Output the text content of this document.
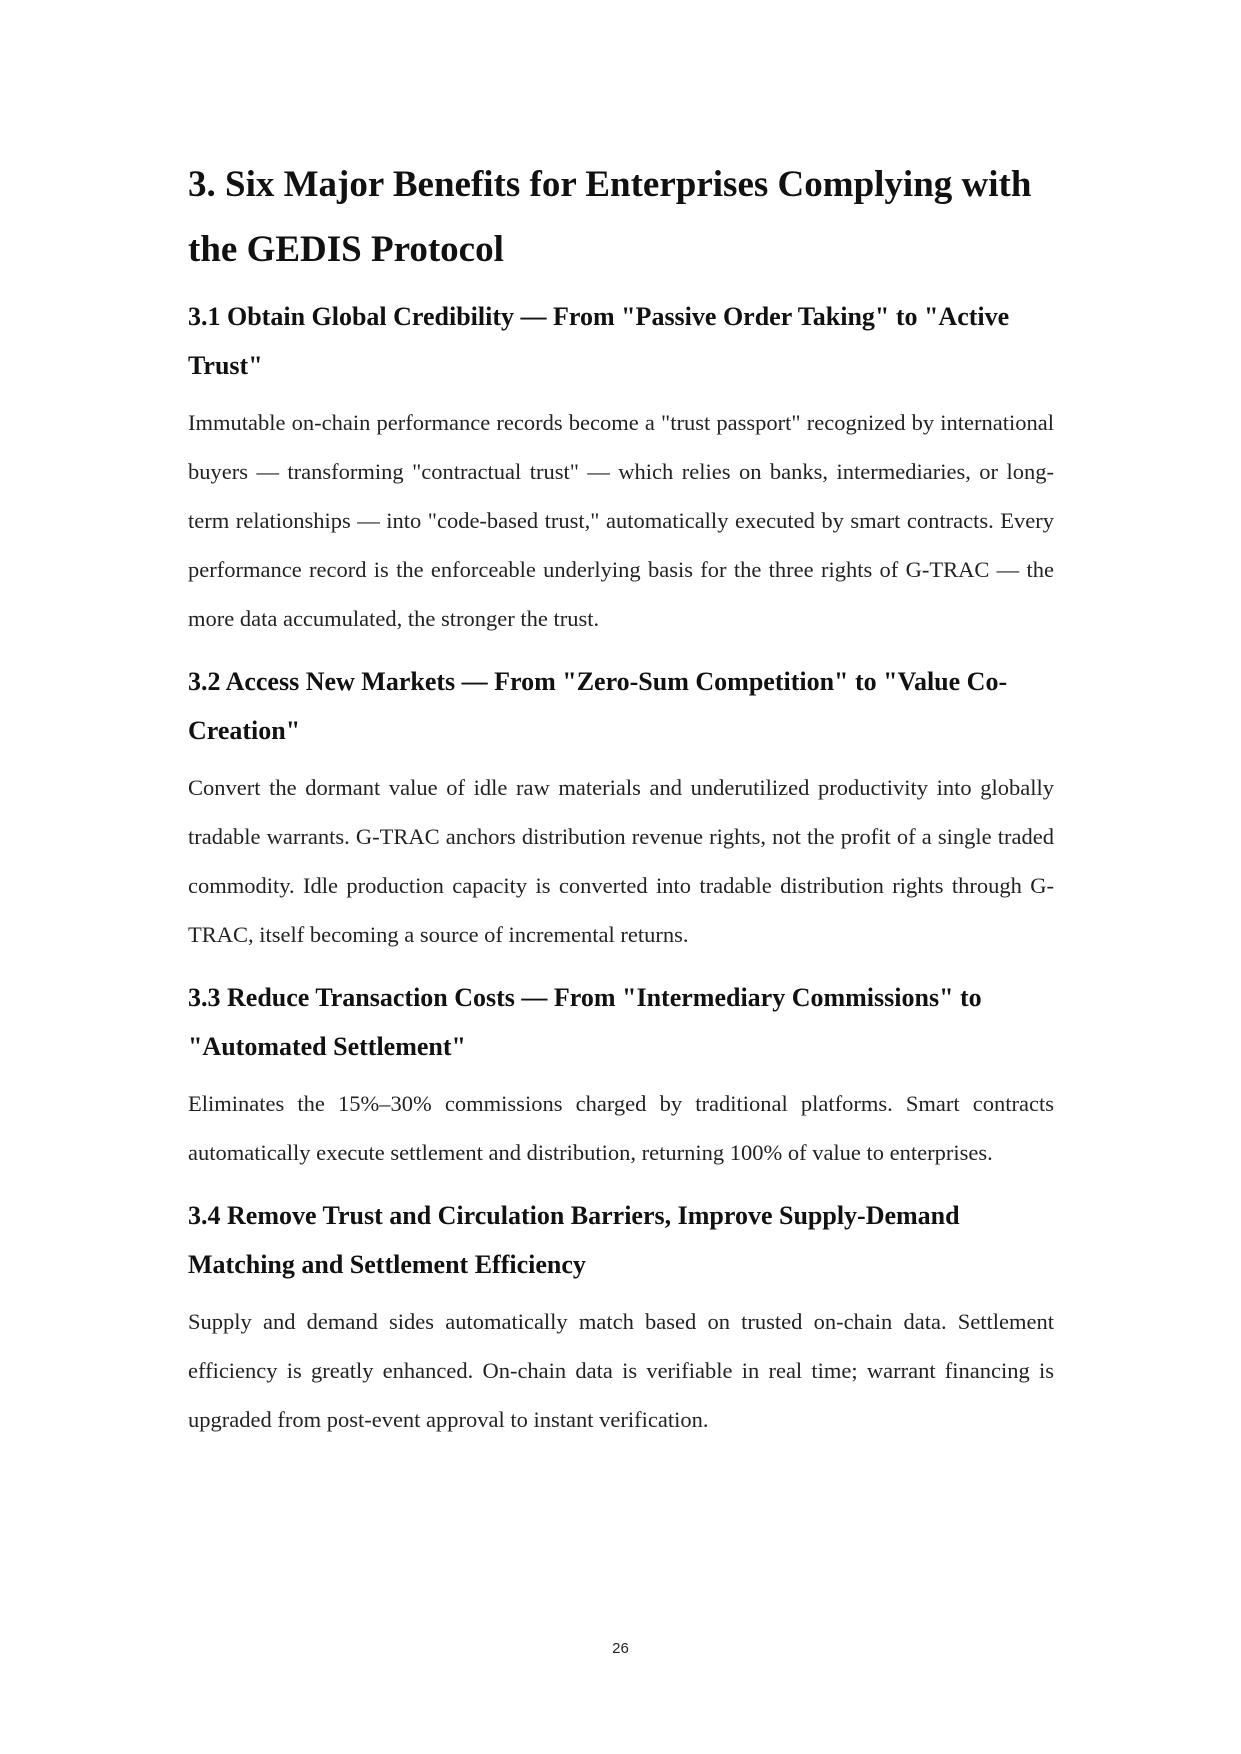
3. Six Major Benefits for Enterprises Complying with the GEDIS Protocol
3.1 Obtain Global Credibility — From "Passive Order Taking" to "Active Trust"

Immutable on-chain performance records become a "trust passport" recognized by international buyers — transforming "contractual trust" — which relies on banks, intermediaries, or long-term relationships — into "code-based trust," automatically executed by smart contracts. Every performance record is the enforceable underlying basis for the three rights of G-TRAC — the more data accumulated, the stronger the trust.

3.2 Access New Markets — From "Zero-Sum Competition" to "Value Co-Creation"

Convert the dormant value of idle raw materials and underutilized productivity into globally tradable warrants. G-TRAC anchors distribution revenue rights, not the profit of a single traded commodity. Idle production capacity is converted into tradable distribution rights through G-TRAC, itself becoming a source of incremental returns.

3.3 Reduce Transaction Costs — From "Intermediary Commissions" to "Automated Settlement"

Eliminates the 15%–30% commissions charged by traditional platforms. Smart contracts automatically execute settlement and distribution, returning 100% of value to enterprises.

3.4 Remove Trust and Circulation Barriers, Improve Supply-Demand Matching and Settlement Efficiency

Supply and demand sides automatically match based on trusted on-chain data. Settlement efficiency is greatly enhanced. On-chain data is verifiable in real time; warrant financing is upgraded from post-event approval to instant verification.

26
